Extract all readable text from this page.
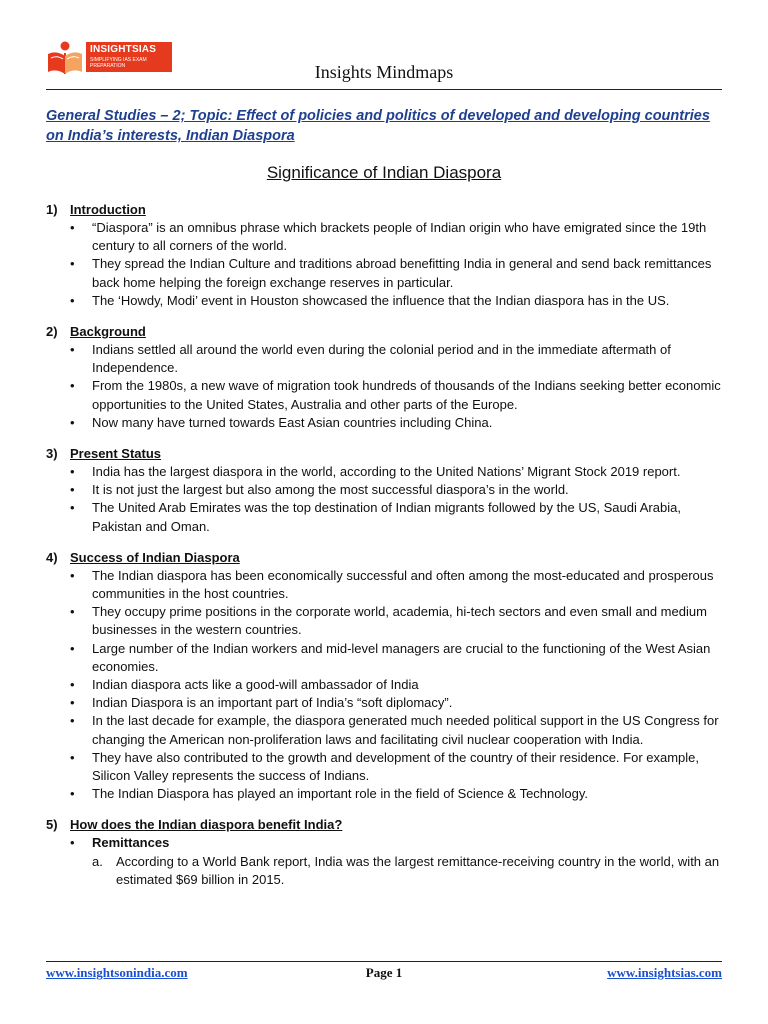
INSIGHTSIAS
SIMPLIFYING IAS EXAM PREPARATION	Insights Mindmaps
General Studies – 2; Topic: Effect of policies and politics of developed and developing countries on India’s interests, Indian Diaspora
Significance of Indian Diaspora
1) Introduction
• “Diaspora” is an omnibus phrase which brackets people of Indian origin who have emigrated since the 19th century to all corners of the world.
• They spread the Indian Culture and traditions abroad benefitting India in general and send back remittances back home helping the foreign exchange reserves in particular.
• The ‘Howdy, Modi’ event in Houston showcased the influence that the Indian diaspora has in the US.
2) Background
• Indians settled all around the world even during the colonial period and in the immediate aftermath of Independence.
• From the 1980s, a new wave of migration took hundreds of thousands of the Indians seeking better economic opportunities to the United States, Australia and other parts of the Europe.
• Now many have turned towards East Asian countries including China.
3) Present Status
• India has the largest diaspora in the world, according to the United Nations’ Migrant Stock 2019 report.
• It is not just the largest but also among the most successful diaspora’s in the world.
• The United Arab Emirates was the top destination of Indian migrants followed by the US, Saudi Arabia, Pakistan and Oman.
4) Success of Indian Diaspora
• The Indian diaspora has been economically successful and often among the most-educated and prosperous communities in the host countries.
• They occupy prime positions in the corporate world, academia, hi-tech sectors and even small and medium businesses in the western countries.
• Large number of the Indian workers and mid-level managers are crucial to the functioning of the West Asian economies.
• Indian diaspora acts like a good-will ambassador of India
• Indian Diaspora is an important part of India’s “soft diplomacy”.
• In the last decade for example, the diaspora generated much needed political support in the US Congress for changing the American non-proliferation laws and facilitating civil nuclear cooperation with India.
• They have also contributed to the growth and development of the country of their residence. For example, Silicon Valley represents the success of Indians.
• The Indian Diaspora has played an important role in the field of Science & Technology.
5) How does the Indian diaspora benefit India?
• Remittances
a. According to a World Bank report, India was the largest remittance-receiving country in the world, with an estimated $69 billion in 2015.
www.insightsonindia.com	Page 1	www.insightsias.com
